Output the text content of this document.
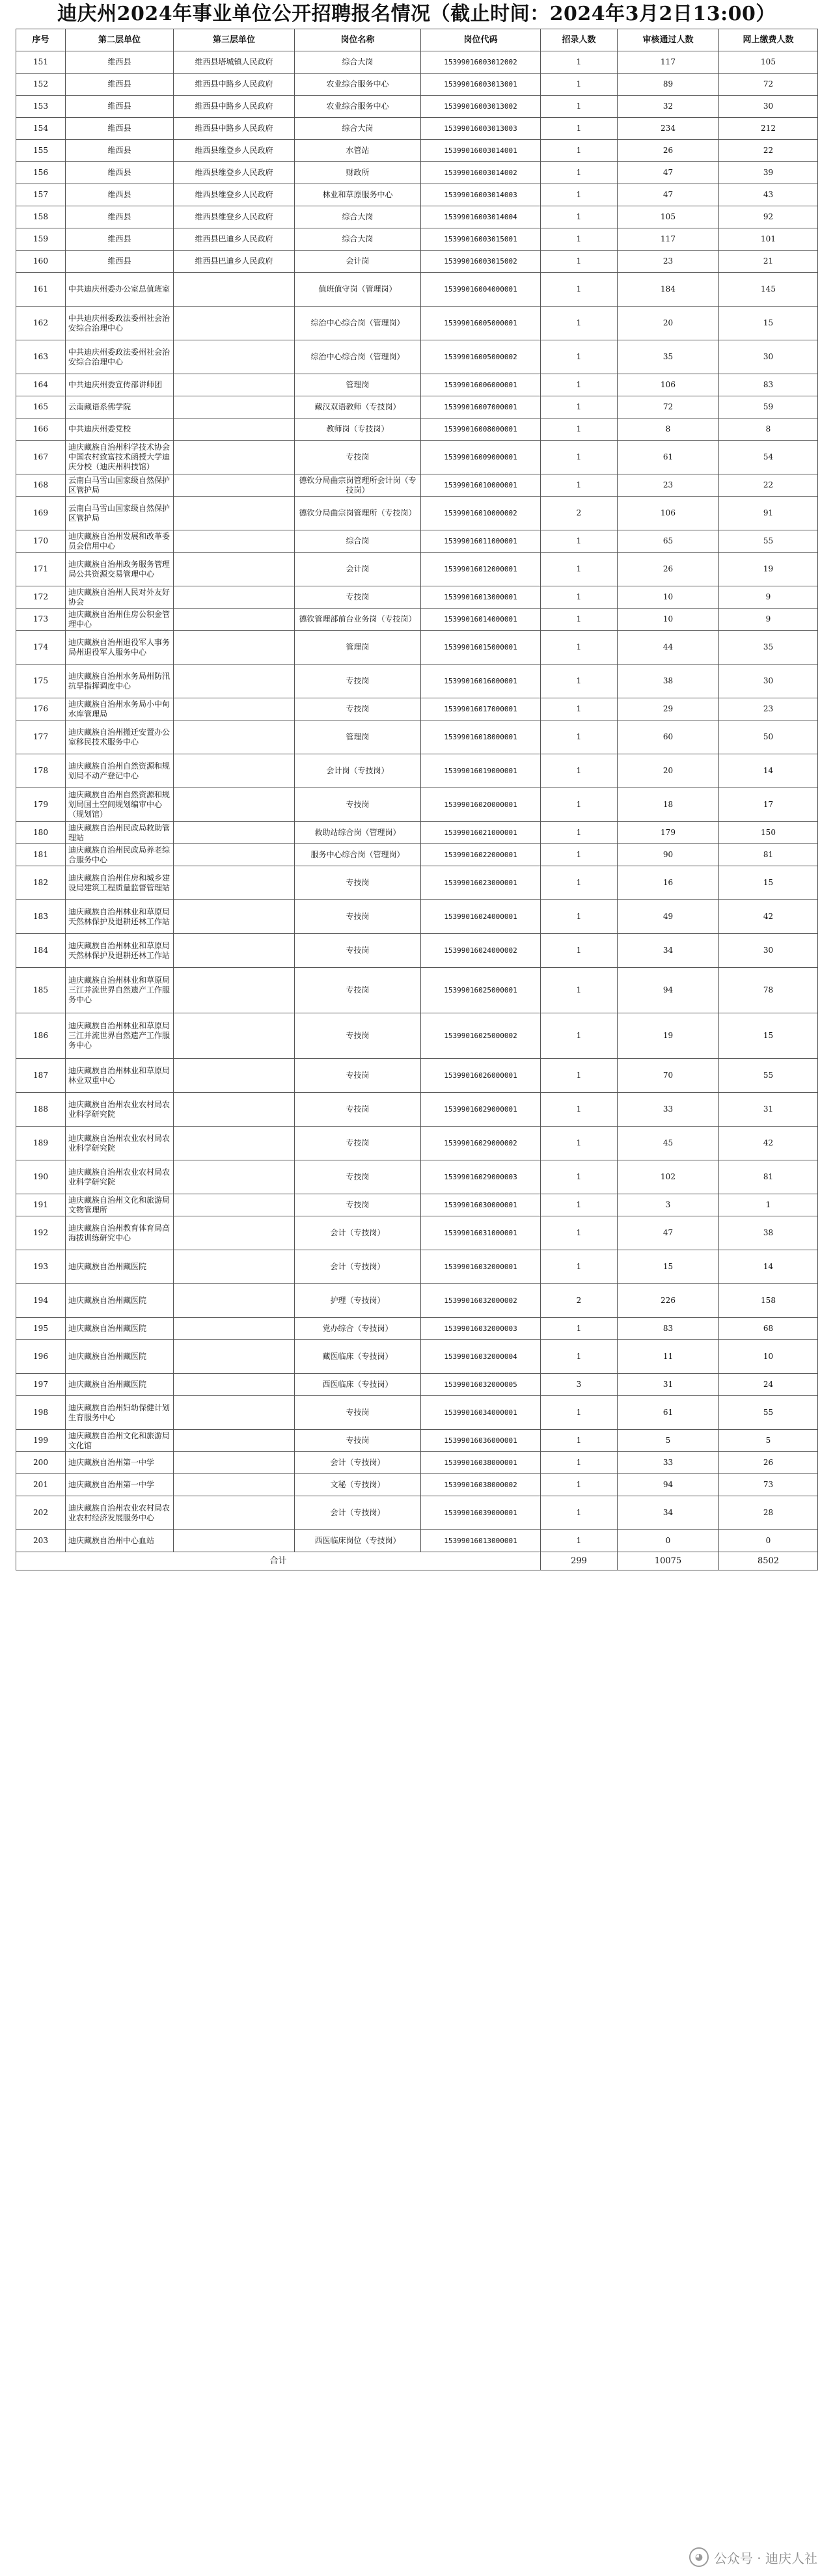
迪庆州2024年事业单位公开招聘报名情况（截止时间：2024年3月2日13:00）
序号	第二层单位	第三层单位	岗位名称	岗位代码	招录人数	审核通过人数	网上缴费人数
151	维西县	维西县塔城镇人民政府	综合大岗	15399016003012002	1	117	105
152	维西县	维西县中路乡人民政府	农业综合服务中心	15399016003013001	1	89	72
153	维西县	维西县中路乡人民政府	农业综合服务中心	15399016003013002	1	32	30
154	维西县	维西县中路乡人民政府	综合大岗	15399016003013003	1	234	212
155	维西县	维西县维登乡人民政府	水管站	15399016003014001	1	26	22
156	维西县	维西县维登乡人民政府	财政所	15399016003014002	1	47	39
157	维西县	维西县维登乡人民政府	林业和草原服务中心	15399016003014003	1	47	43
158	维西县	维西县维登乡人民政府	综合大岗	15399016003014004	1	105	92
159	维西县	维西县巴迪乡人民政府	综合大岗	15399016003015001	1	117	101
160	维西县	维西县巴迪乡人民政府	会计岗	15399016003015002	1	23	21
161	中共迪庆州委办公室总值班室		值班值守岗（管理岗）	15399016004000001	1	184	145
162	中共迪庆州委政法委州社会治安综合治理中心		综治中心综合岗（管理岗）	15399016005000001	1	20	15
163	中共迪庆州委政法委州社会治安综合治理中心		综治中心综合岗（管理岗）	15399016005000002	1	35	30
164	中共迪庆州委宣传部讲师团		管理岗	15399016006000001	1	106	83
165	云南藏语系佛学院		藏汉双语教师（专技岗）	15399016007000001	1	72	59
166	中共迪庆州委党校		教师岗（专技岗）	15399016008000001	1	8	8
167	迪庆藏族自治州科学技术协会中国农村致富技术函授大学迪庆分校（迪庆州科技馆）		专技岗	15399016009000001	1	61	54
168	云南白马雪山国家级自然保护区管护局		德钦分局曲宗岗管理所会计岗（专技岗）	15399016010000001	1	23	22
169	云南白马雪山国家级自然保护区管护局		德钦分局曲宗岗管理所（专技岗）	15399016010000002	2	106	91
170	迪庆藏族自治州发展和改革委员会信用中心		综合岗	15399016011000001	1	65	55
171	迪庆藏族自治州政务服务管理局公共资源交易管理中心		会计岗	15399016012000001	1	26	19
172	迪庆藏族自治州人民对外友好协会		专技岗	15399016013000001	1	10	9
173	迪庆藏族自治州住房公积金管理中心		德钦管理部前台业务岗（专技岗）	15399016014000001	1	10	9
174	迪庆藏族自治州退役军人事务局州退役军人服务中心		管理岗	15399016015000001	1	44	35
175	迪庆藏族自治州水务局州防汛抗旱指挥调度中心		专技岗	15399016016000001	1	38	30
176	迪庆藏族自治州水务局小中甸水库管理局		专技岗	15399016017000001	1	29	23
177	迪庆藏族自治州搬迁安置办公室移民技术服务中心		管理岗	15399016018000001	1	60	50
178	迪庆藏族自治州自然资源和规划局不动产登记中心		会计岗（专技岗）	15399016019000001	1	20	14
179	迪庆藏族自治州自然资源和规划局国土空间规划编审中心（规划馆）		专技岗	15399016020000001	1	18	17
180	迪庆藏族自治州民政局救助管理站		救助站综合岗（管理岗）	15399016021000001	1	179	150
181	迪庆藏族自治州民政局养老综合服务中心		服务中心综合岗（管理岗）	15399016022000001	1	90	81
182	迪庆藏族自治州住房和城乡建设局建筑工程质量监督管理站		专技岗	15399016023000001	1	16	15
183	迪庆藏族自治州林业和草原局天然林保护及退耕还林工作站		专技岗	15399016024000001	1	49	42
184	迪庆藏族自治州林业和草原局天然林保护及退耕还林工作站		专技岗	15399016024000002	1	34	30
185	迪庆藏族自治州林业和草原局三江并流世界自然遗产工作服务中心		专技岗	15399016025000001	1	94	78
186	迪庆藏族自治州林业和草原局三江并流世界自然遗产工作服务中心		专技岗	15399016025000002	1	19	15
187	迪庆藏族自治州林业和草原局林业双重中心		专技岗	15399016026000001	1	70	55
188	迪庆藏族自治州农业农村局农业科学研究院		专技岗	15399016029000001	1	33	31
189	迪庆藏族自治州农业农村局农业科学研究院		专技岗	15399016029000002	1	45	42
190	迪庆藏族自治州农业农村局农业科学研究院		专技岗	15399016029000003	1	102	81
191	迪庆藏族自治州文化和旅游局文物管理所		专技岗	15399016030000001	1	3	1
192	迪庆藏族自治州教育体育局高海拔训练研究中心		会计（专技岗）	15399016031000001	1	47	38
193	迪庆藏族自治州藏医院		会计（专技岗）	15399016032000001	1	15	14
194	迪庆藏族自治州藏医院		护理（专技岗）	15399016032000002	2	226	158
195	迪庆藏族自治州藏医院		党办综合（专技岗）	15399016032000003	1	83	68
196	迪庆藏族自治州藏医院		藏医临床（专技岗）	15399016032000004	1	11	10
197	迪庆藏族自治州藏医院		西医临床（专技岗）	15399016032000005	3	31	24
198	迪庆藏族自治州妇幼保健计划生育服务中心		专技岗	15399016034000001	1	61	55
199	迪庆藏族自治州文化和旅游局文化馆		专技岗	15399016036000001	1	5	5
200	迪庆藏族自治州第一中学		会计（专技岗）	15399016038000001	1	33	26
201	迪庆藏族自治州第一中学		文秘（专技岗）	15399016038000002	1	94	73
202	迪庆藏族自治州农业农村局农业农村经济发展服务中心		会计（专技岗）	15399016039000001	1	34	28
203	迪庆藏族自治州中心血站		西医临床岗位（专技岗）	15399016013000001	1	0	0
合计					299	10075	8502
◕ 公众号 · 迪庆人社
